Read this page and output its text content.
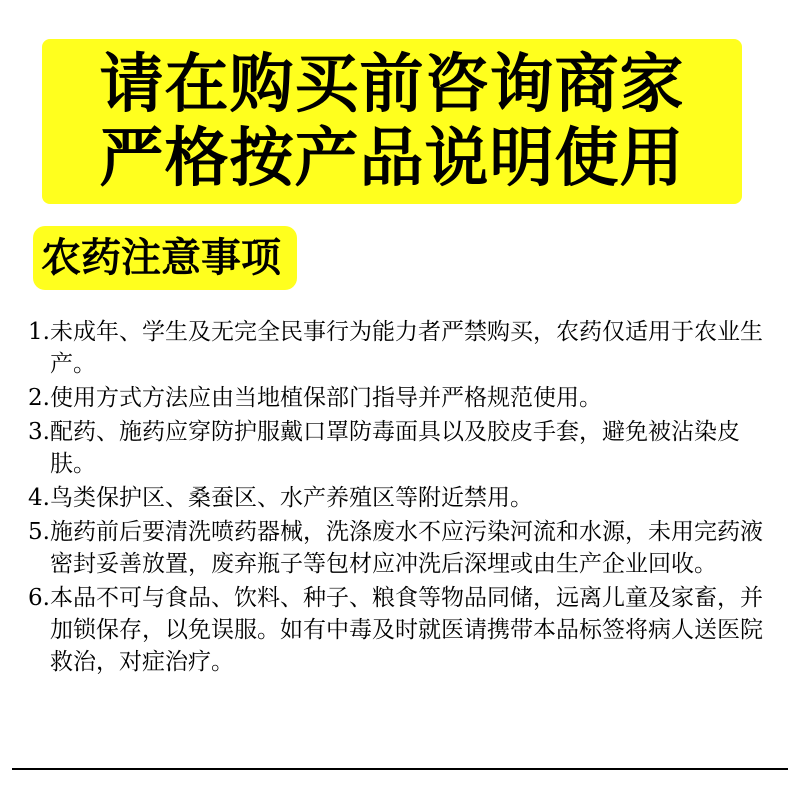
请在购买前咨询商家
严格按产品说明使用
农药注意事项
1. 未成年、学生及无完全民事行为能力者严禁购买，农药仅适用于农业生产。
2. 使用方式方法应由当地植保部门指导并严格规范使用。
3. 配药、施药应穿防护服戴口罩防毒面具以及胶皮手套，避免被沾染皮肤。
4. 鸟类保护区、桑蚕区、水产养殖区等附近禁用。
5. 施药前后要清洗喷药器械，洗涤废水不应污染河流和水源，未用完药液密封妥善放置，废弃瓶子等包材应冲洗后深埋或由生产企业回收。
6. 本品不可与食品、饮料、种子、粮食等物品同储，远离儿童及家畜，并加锁保存，以免误服。如有中毒及时就医请携带本品标签将病人送医院救治，对症治疗。
